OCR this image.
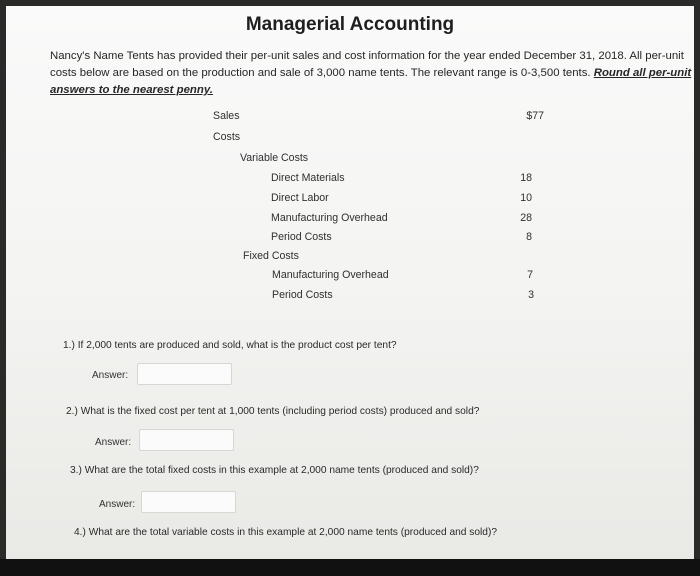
Managerial Accounting
Nancy's Name Tents has provided their per-unit sales and cost information for the year ended December 31, 2018. All per-unit
costs below are based on the production and sale of 3,000 name tents. The relevant range is 0-3,500 tents. Round all per-unit
answers to the nearest penny.
Sales	$77
Costs
Variable Costs
Direct Materials	18
Direct Labor	10
Manufacturing Overhead	28
Period Costs	8
Fixed Costs
Manufacturing Overhead	7
Period Costs	3
1.) If 2,000 tents are produced and sold, what is the product cost per tent?
Answer:
2.) What is the fixed cost per tent at 1,000 tents (including period costs) produced and sold?
Answer:
3.) What are the total fixed costs in this example at 2,000 name tents (produced and sold)?
Answer:
4.) What are the total variable costs in this example at 2,000 name tents (produced and sold)?
